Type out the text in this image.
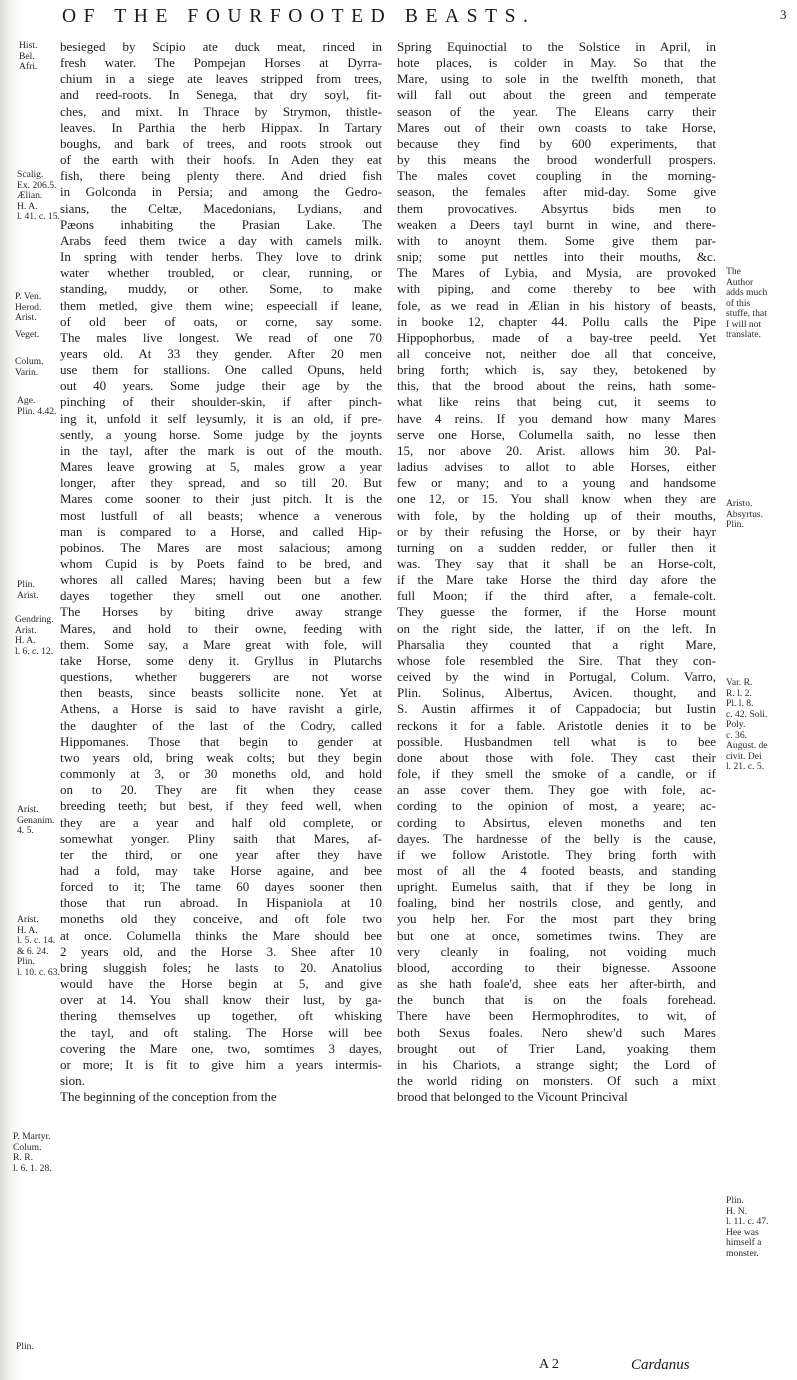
OF THE FOURFOOTED BEASTS.	3
Hist.
Bel.
Afri.
Scalig.
Ex. 206.5.
Ælian.
H. A.
l. 41. c. 15.
P. Ven.
Herod.
Arist.
Veget.
Colum.
Varin.
Age.
Plin. 4.42.
Plin.
Arist.
Gendring.
Arist.
H. A.
l. 6. c. 12.
Arist.
Genanim.
4. 5.
Arist.
H. A.
l. 5. c. 14.
& 6. 24.
Plin.
l. 10. c. 63.
P. Martyr.
Colum.
R. R.
l. 6. 1. 28.
Plin.

besieged by Scipio ate duck meat, rinced in

fresh water. The Pompejan Horses at Dyrra-

chium in a siege ate leaves stripped from trees,

and reed-roots. In Senega, that dry soyl, fit-

ches, and mixt. In Thrace by Strymon, thistle-

leaves. In Parthia the herb Hippax. In Tartary

boughs, and bark of trees, and roots strook out

of the earth with their hoofs. In Aden they eat

fish, there being plenty there. And dried fish

in Golconda in Persia; and among the Gedro-

sians, the Celtæ, Macedonians, Lydians, and

Pæons inhabiting the Prasian Lake. The

Arabs feed them twice a day with camels milk.

In spring with tender herbs. They love to drink

water whether troubled, or clear, running, or

standing, muddy, or other. Some, to make

them metled, give them wine; espeeciall if leane,

of old beer of oats, or corne, say some.

The males live longest. We read of one 70

years old. At 33 they gender. After 20 men

use them for stallions. One called Opuns, held

out 40 years. Some judge their age by the

pinching of their shoulder-skin, if after pinch-

ing it, unfold it self leysumly, it is an old, if pre-

sently, a young horse. Some judge by the joynts

in the tayl, after the mark is out of the mouth.

Mares leave growing at 5, males grow a year

longer, after they spread, and so till 20. But

Mares come sooner to their just pitch. It is the

most lustfull of all beasts; whence a venerous

man is compared to a Horse, and called Hip-

pobinos. The Mares are most salacious; among

whom Cupid is by Poets faind to be bred, and

whores all called Mares; having been but a few

dayes together they smell out one another.

The Horses by biting drive away strange

Mares, and hold to their owne, feeding with

them. Some say, a Mare great with fole, will

take Horse, some deny it. Gryllus in Plutarchs

questions, whether buggerers are not worse

then beasts, since beasts sollicite none. Yet at

Athens, a Horse is said to have ravisht a girle,

the daughter of the last of the Codry, called

Hippomanes. Those that begin to gender at

two years old, bring weak colts; but they begin

commonly at 3, or 30 moneths old, and hold

on to 20. They are fit when they cease

breeding teeth; but best, if they feed well, when

they are a year and half old complete, or

somewhat yonger. Pliny saith that Mares, af-

ter the third, or one year after they have

had a fold, may take Horse againe, and bee

forced to it; The tame 60 dayes sooner then

those that run abroad. In Hispaniola at 10

moneths old they conceive, and oft fole two

at once. Columella thinks the Mare should bee

2 years old, and the Horse 3. Shee after 10

bring sluggish foles; he lasts to 20. Anatolius

would have the Horse begin at 5, and give

over at 14. You shall know their lust, by ga-

thering themselves up together, oft whisking

the tayl, and oft staling. The Horse will bee

covering the Mare one, two, somtimes 3 dayes,

or more; It is fit to give him a years intermis-

sion.

The beginning of the conception from the

Spring Equinoctial to the Solstice in April, in

hote places, is colder in May. So that the

Mare, using to sole in the twelfth moneth, that

will fall out about the green and temperate

season of the year. The Eleans carry their

Mares out of their own coasts to take Horse,

because they find by 600 experiments, that

by this means the brood wonderfull prospers.

The males covet coupling in the morning-

season, the females after mid-day. Some give

them provocatives. Absyrtus bids men to

weaken a Deers tayl burnt in wine, and there-

with to anoynt them. Some give them par-

snip; some put nettles into their mouths, &c.

The Mares of Lybia, and Mysia, are provoked

with piping, and come thereby to bee with

fole, as we read in Ælian in his history of beasts,

in booke 12, chapter 44. Pollu calls the Pipe

Hippophorbus, made of a bay-tree peeld. Yet

all conceive not, neither doe all that conceive,

bring forth; which is, say they, betokened by

this, that the brood about the reins, hath some-

what like reins that being cut, it seems to

have 4 reins. If you demand how many Mares

serve one Horse, Columella saith, no lesse then

15, nor above 20. Arist. allows him 30. Pal-

ladius advises to allot to able Horses, either

few or many; and to a young and handsome

one 12, or 15. You shall know when they are

with fole, by the holding up of their mouths,

or by their refusing the Horse, or by their hayr

turning on a sudden redder, or fuller then it

was. They say that it shall be an Horse-colt,

if the Mare take Horse the third day afore the

full Moon; if the third after, a female-colt.

They guesse the former, if the Horse mount

on the right side, the latter, if on the left. In

Pharsalia they counted that a right Mare,

whose fole resembled the Sire. That they con-

ceived by the wind in Portugal, Colum. Varro,

Plin. Solinus, Albertus, Avicen. thought, and

S. Austin affirmes it of Cappadocia; but Iustin

reckons it for a fable. Aristotle denies it to be

possible. Husbandmen tell what is to bee

done about those with fole. They cast their

fole, if they smell the smoke of a candle, or if

an asse cover them. They goe with fole, ac-

cording to the opinion of most, a yeare; ac-

cording to Absirtus, eleven moneths and ten

dayes. The hardnesse of the belly is the cause,

if we follow Aristotle. They bring forth with

most of all the 4 footed beasts, and standing

upright. Eumelus saith, that if they be long in

foaling, bind her nostrils close, and gently, and

you help her. For the most part they bring

but one at once, sometimes twins. They are

very cleanly in foaling, not voiding much

blood, according to their bignesse. Assoone

as she hath foale'd, shee eats her after-birth, and

the bunch that is on the foals forehead.

There have been Hermophrodites, to wit, of

both Sexus foales. Nero shew'd such Mares

brought out of Trier Land, yoaking them

in his Chariots, a strange sight; the Lord of

the world riding on monsters. Of such a mixt

brood that belonged to the Vicount Princival

The
Author
adds much
of this
stuffe, that
I will not
translate.
Aristo.
Absyrtus.
Plin.
Var. R.
R. l. 2.
Pl. l. 8.
c. 42. Soli.
Poly.
c. 36.
August. de
civit. Dei
l. 21. c. 5.
Plin.
H. N.
l. 11. c. 47.
Hee was
himself a
monster.
A 2	Cardanus
